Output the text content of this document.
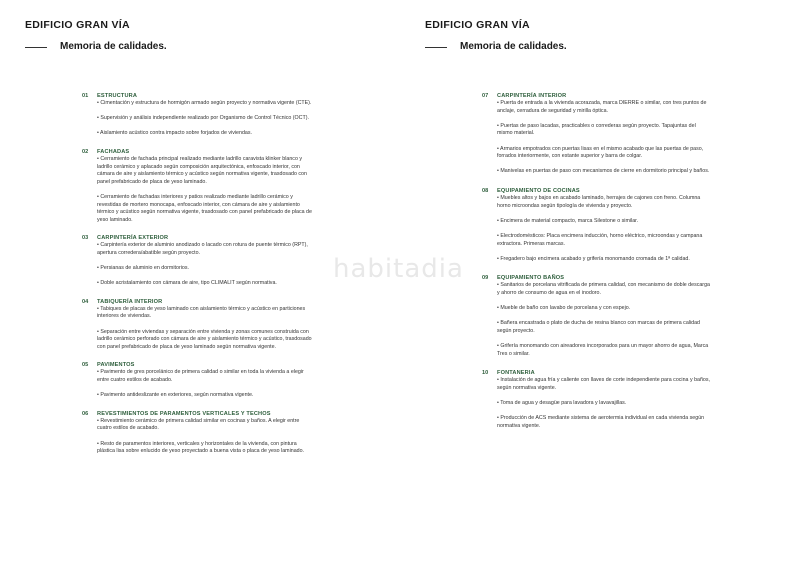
EDIFICIO GRAN VÍA
Memoria de calidades.
01 ESTRUCTURA
• Cimentación y estructura de hormigón armado según proyecto y normativa vigente (CTE).
• Supervisión y análisis independiente realizado por Organismo de Control Técnico (OCT).
• Aislamiento acústico contra impacto sobre forjados de viviendas.
02 FACHADAS
• Cerramiento de fachada principal realizado mediante ladrillo caravista klinker blanco y ladrillo cerámico y aplacado según composición arquitectónica, enfoscado interior, con cámara de aire y aislamiento térmico y acústico según normativa vigente, trasdosado con panel prefabricado de placa de yeso laminado.
• Cerramiento de fachadas interiores y patios realizado mediante ladrillo cerámico y revestidas de mortero monocapa, enfoscado interior, con cámara de aire y aislamiento térmico y acústico según normativa vigente, trasdosado con panel prefabricado de placa de yeso laminado.
03 CARPINTERÍA EXTERIOR
• Carpintería exterior de aluminio anodizado o lacado con rotura de puente térmico (RPT), apertura corredera/abatible según proyecto.
• Persianas de aluminio en dormitorios.
• Doble acristalamiento con cámara de aire, tipo CLIMALIT según normativa.
04 TABIQUERÍA INTERIOR
• Tabiques de placas de yeso laminado con aislamiento térmico y acústico en particiones interiores de viviendas.
• Separación entre viviendas y separación entre vivienda y zonas comunes construida con ladrillo cerámico perforado con cámara de aire y aislamiento térmico y acústico, trasdosado con panel prefabricado de placa de yeso laminado según normativa vigente.
05 PAVIMENTOS
• Pavimento de gres porcelánico de primera calidad o similar en toda la vivienda a elegir entre cuatro estilos de acabado.
• Pavimento antideslizante en exteriores, según normativa vigente.
06 REVESTIMIENTOS DE PARAMENTOS VERTICALES Y TECHOS
• Revestimiento cerámico de primera calidad similar en cocinas y baños. A elegir entre cuatro estilos de acabado.
• Resto de paramentos interiores, verticales y horizontales de la vivienda, con pintura plástica lisa sobre enlucido de yeso proyectado a buena vista o placa de yeso laminado.
EDIFICIO GRAN VÍA
Memoria de calidades.
07 CARPINTERÍA INTERIOR
• Puerta de entrada a la vivienda acorazada, marca DIERRE o similar, con tres puntos de anclaje, cerradura de seguridad y mirilla óptica.
• Puertas de paso lacadas, practicables o correderas según proyecto. Tapajuntas del mismo material.
• Armarios empotrados con puertas lisas en el mismo acabado que las puertas de paso, forrados interiormente, con estante superior y barra de colgar.
• Manivelas en puertas de paso con mecanismos de cierre en dormitorio principal y baños.
08 EQUIPAMIENTO DE COCINAS
• Muebles altos y bajos en acabado laminado, herrajes de cajones con freno. Columna horno microondas según tipología de vivienda y proyecto.
• Encimera de material compacto, marca Silestone o similar.
• Electrodomésticos: Placa encimera inducción, horno eléctrico, microondas y campana extractora. Primeras marcas.
• Fregadero bajo encimera acabado y grifería monomando cromada de 1ª calidad.
09 EQUIPAMIENTO BAÑOS
• Sanitarios de porcelana vitrificada de primera calidad, con mecanismo de doble descarga y ahorro de consumo de agua en el inodoro.
• Mueble de baño con lavabo de porcelana y con espejo.
• Bañera encastrada o plato de ducha de resina blanco con marcas de primera calidad según proyecto.
• Grifería monomando con aireadores incorporados para un mayor ahorro de agua, Marca Tres o similar.
10 FONTANERIA
• Instalación de agua fría y caliente con llaves de corte independiente para cocina y baños, según normativa vigente.
• Toma de agua y desagüe para lavadora y lavavajillas.
• Producción de ACS mediante sistema de aerotermia individual en cada vivienda según normativa vigente.
habitadia
